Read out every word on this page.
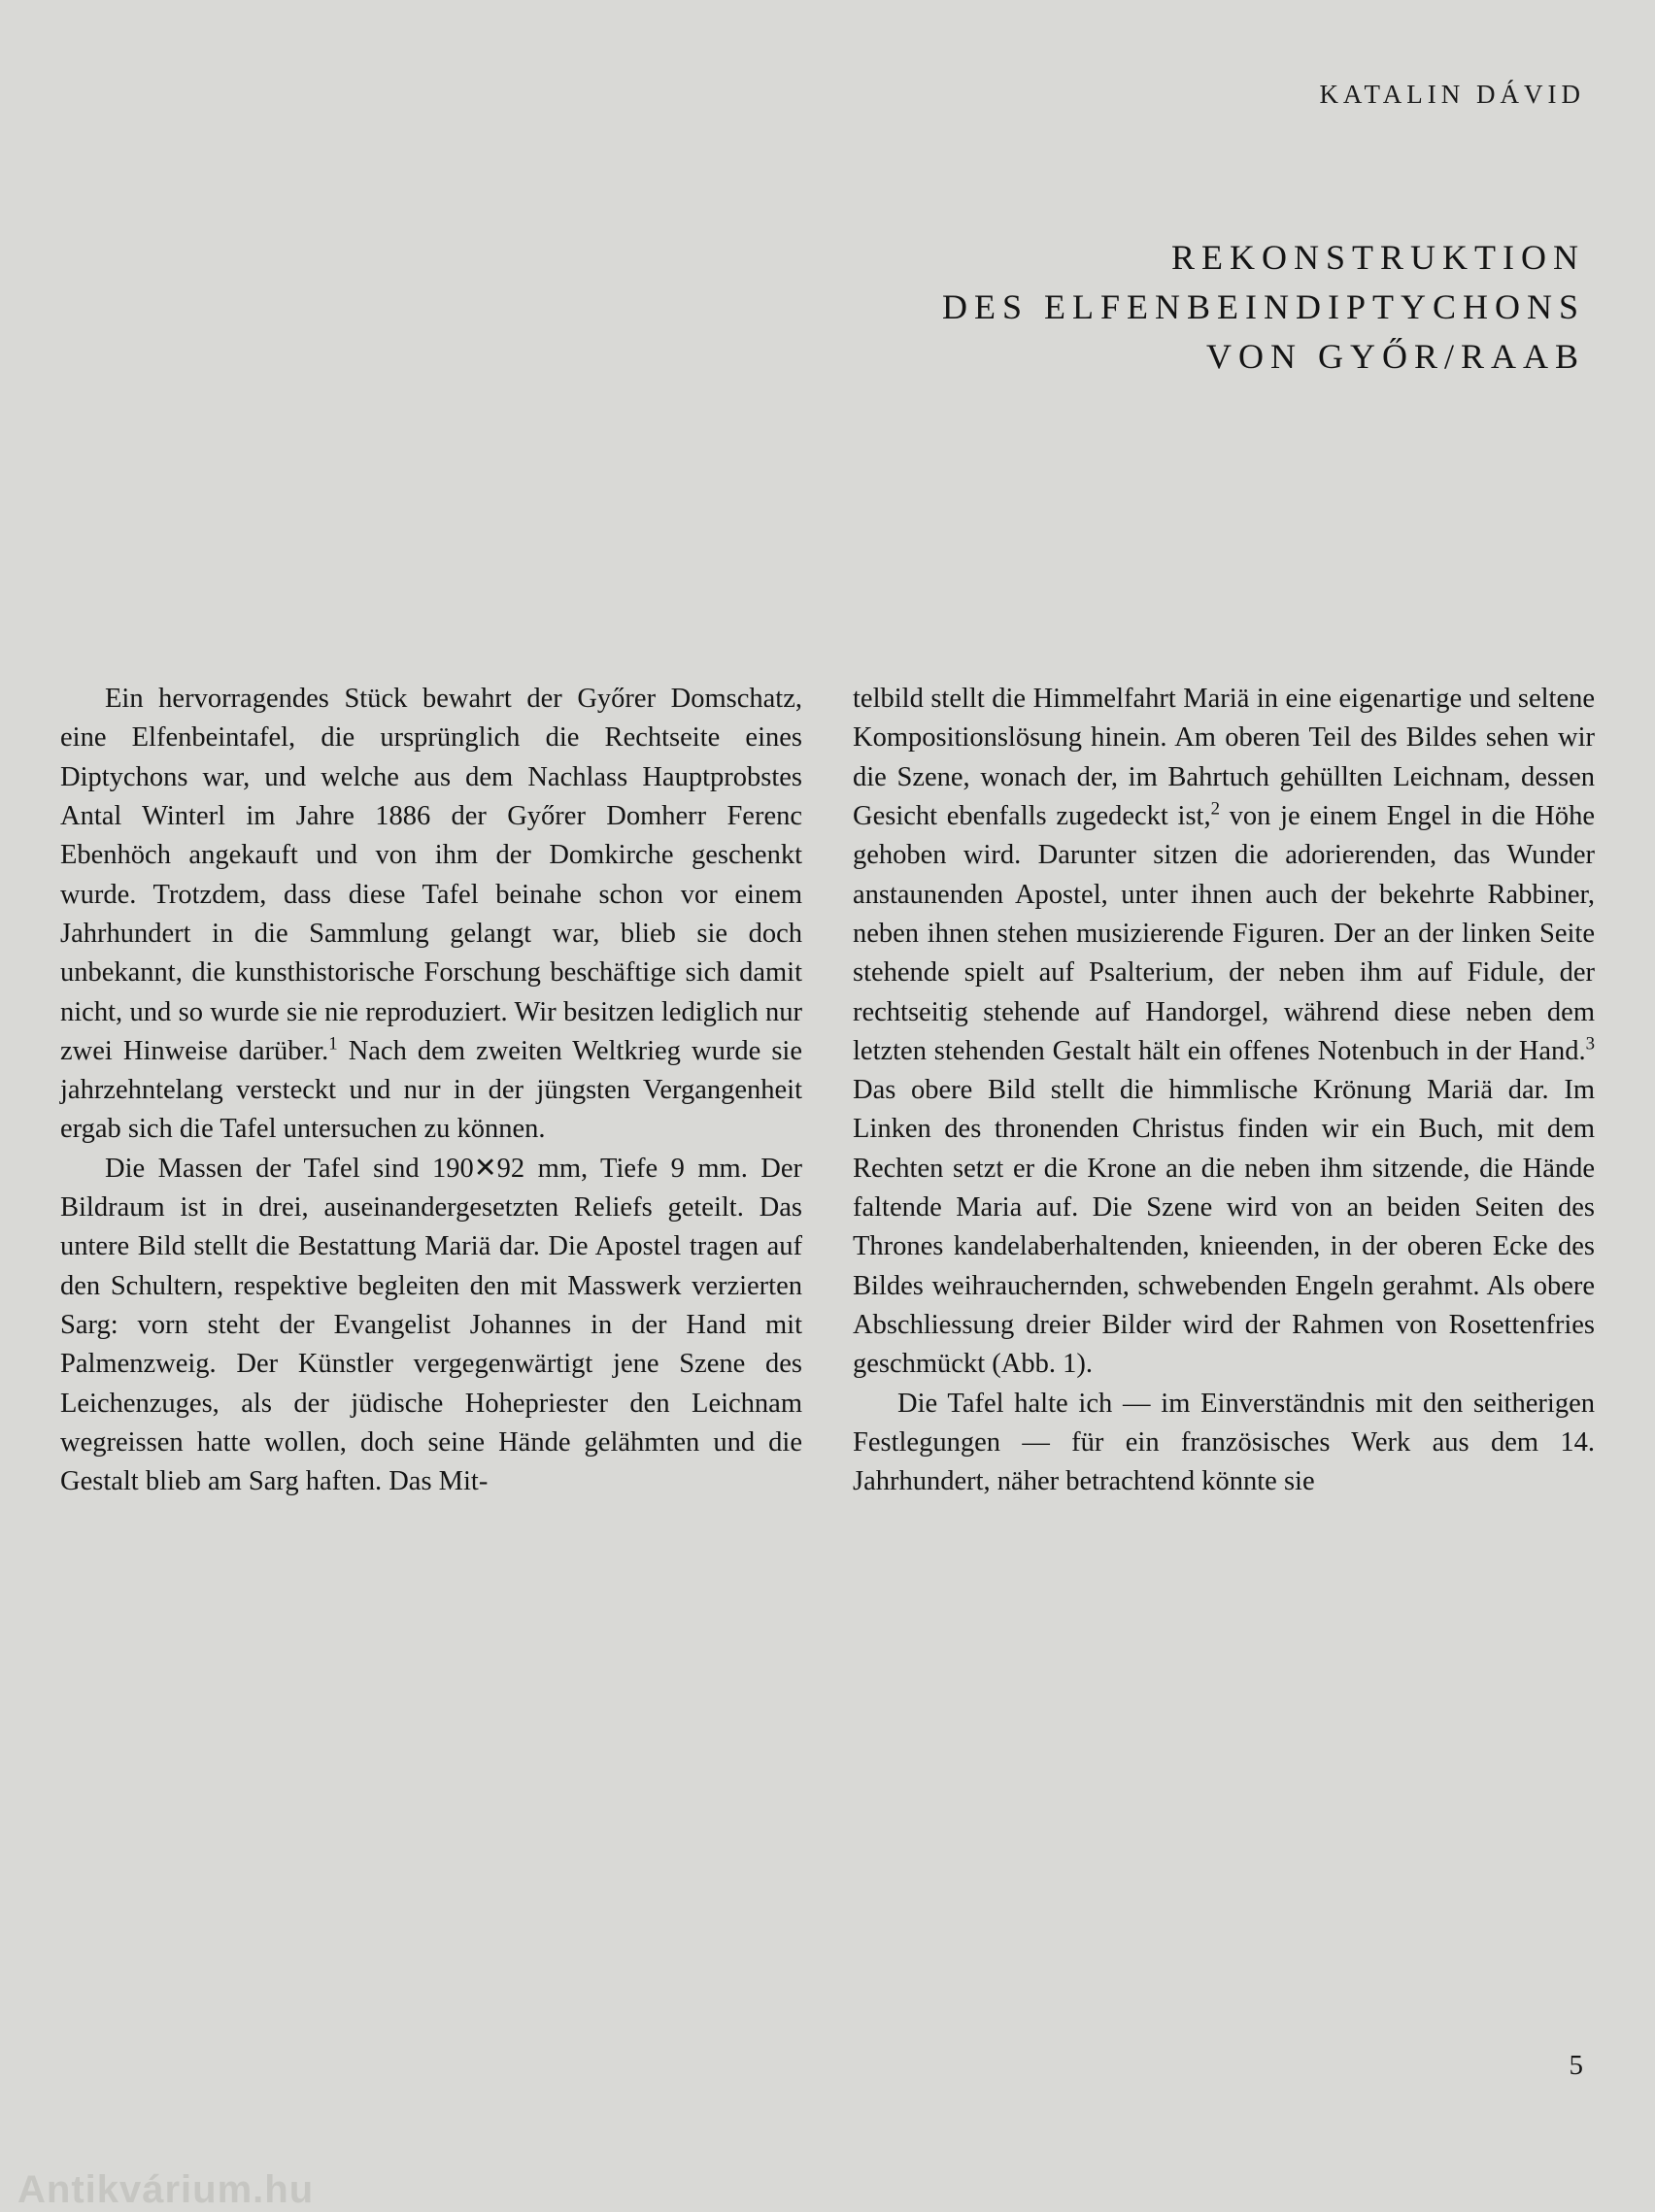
KATALIN DÁVID
REKONSTRUKTION
DES ELFENBEINDIPTYCHONS
VON GYŐR/RAAB

Ein hervorragendes Stück bewahrt der Győrer Domschatz, eine Elfenbeintafel, die ursprünglich die Rechtseite eines Diptychons war, und welche aus dem Nachlass Hauptprobstes Antal Winterl im Jahre 1886 der Győrer Domherr Ferenc Ebenhöch angekauft und von ihm der Domkirche geschenkt wurde. Trotzdem, dass diese Tafel beinahe schon vor einem Jahrhundert in die Sammlung gelangt war, blieb sie doch unbekannt, die kunsthistorische Forschung beschäftige sich damit nicht, und so wurde sie nie reproduziert. Wir besitzen lediglich nur zwei Hinweise darüber.$^1$ Nach dem zweiten Weltkrieg wurde sie jahrzehntelang versteckt und nur in der jüngsten Vergangenheit ergab sich die Tafel untersuchen zu können.

Die Massen der Tafel sind 190✕92 mm, Tiefe 9 mm. Der Bildraum ist in drei, auseinandergesetzten Reliefs geteilt. Das untere Bild stellt die Bestattung Mariä dar. Die Apostel tragen auf den Schultern, respektive begleiten den mit Masswerk verzierten Sarg: vorn steht der Evangelist Johannes in der Hand mit Palmenzweig. Der Künstler vergegenwärtigt jene Szene des Leichenzuges, als der jüdische Hohepriester den Leichnam wegreissen hatte wollen, doch seine Hände gelähmten und die Gestalt blieb am Sarg haften. Das Mit-

telbild stellt die Himmelfahrt Mariä in eine eigenartige und seltene Kompositionslösung hinein. Am oberen Teil des Bildes sehen wir die Szene, wonach der, im Bahrtuch gehüllten Leichnam, dessen Gesicht ebenfalls zugedeckt ist,$^2$ von je einem Engel in die Höhe gehoben wird. Darunter sitzen die adorierenden, das Wunder anstaunenden Apostel, unter ihnen auch der bekehrte Rabbiner, neben ihnen stehen musizierende Figuren. Der an der linken Seite stehende spielt auf Psalterium, der neben ihm auf Fidule, der rechtseitig stehende auf Handorgel, während diese neben dem letzten stehenden Gestalt hält ein offenes Notenbuch in der Hand.$^3$ Das obere Bild stellt die himmlische Krönung Mariä dar. Im Linken des thronenden Christus finden wir ein Buch, mit dem Rechten setzt er die Krone an die neben ihm sitzende, die Hände faltende Maria auf. Die Szene wird von an beiden Seiten des Thrones kandelaberhaltenden, knieenden, in der oberen Ecke des Bildes weihrauchernden, schwebenden Engeln gerahmt. Als obere Abschliessung dreier Bilder wird der Rahmen von Rosettenfries geschmückt (Abb. 1).

Die Tafel halte ich — im Einverständnis mit den seitherigen Festlegungen — für ein französisches Werk aus dem 14. Jahrhundert, näher betrachtend könnte sie

5
Antikvárium.hu
